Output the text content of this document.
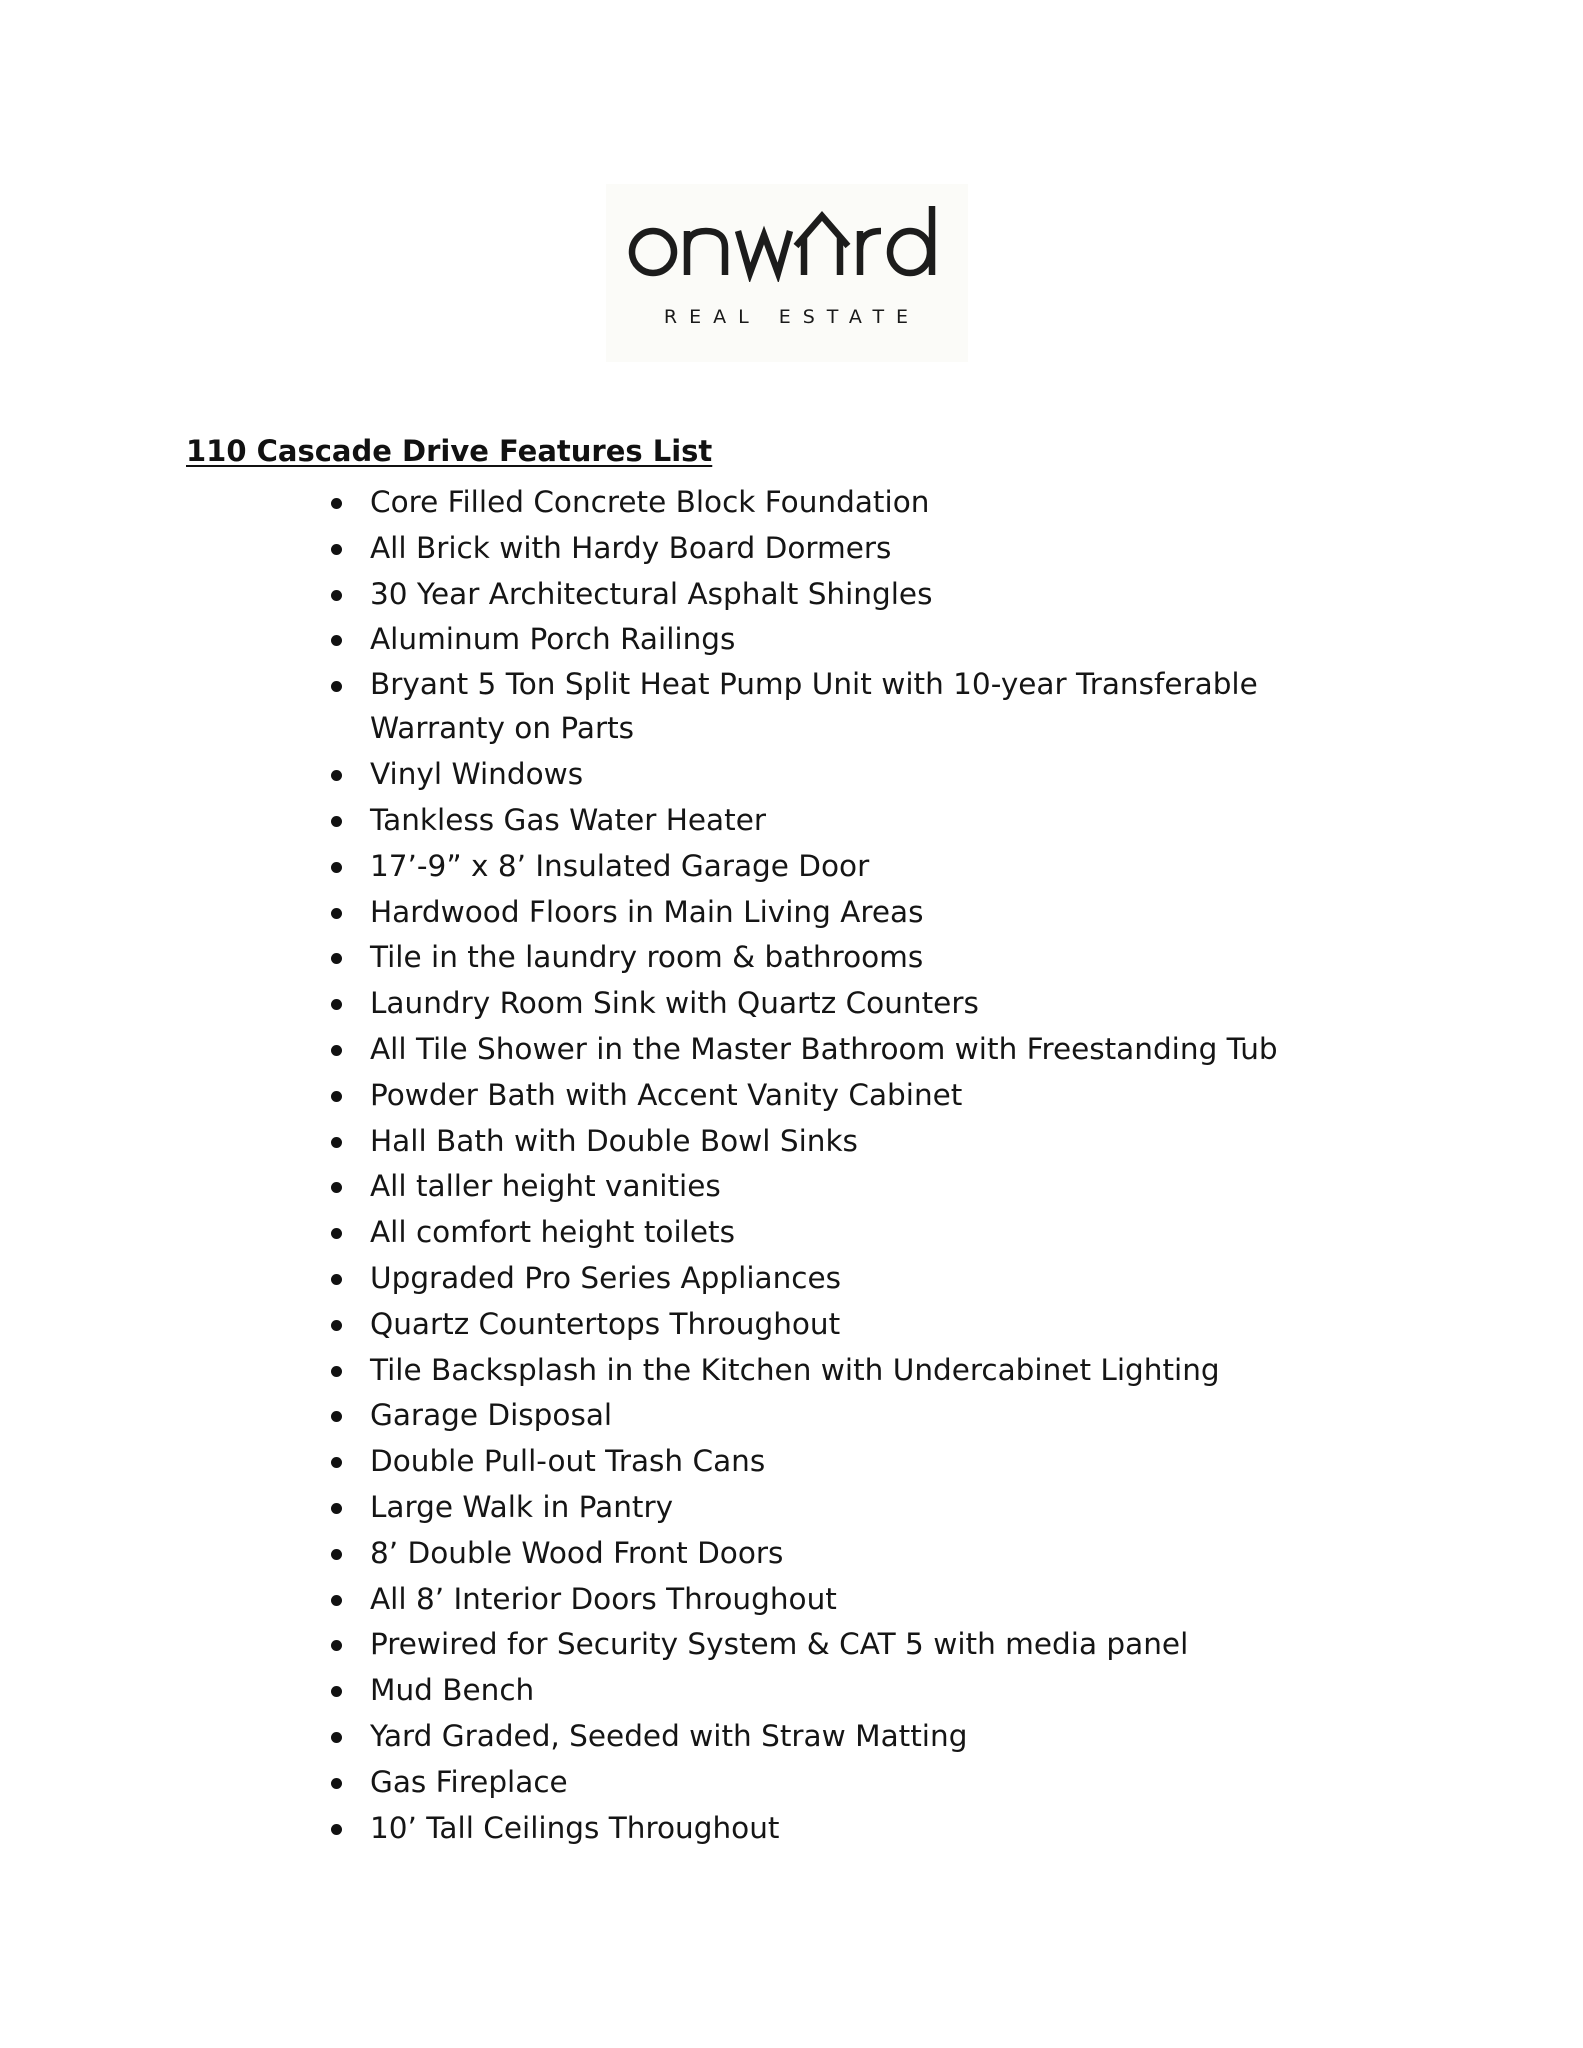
REAL ESTATE
110 Cascade Drive Features List
Core Filled Concrete Block Foundation
All Brick with Hardy Board Dormers
30 Year Architectural Asphalt Shingles
Aluminum Porch Railings
Bryant 5 Ton Split Heat Pump Unit with 10-year Transferable Warranty on Parts
Vinyl Windows
Tankless Gas Water Heater
17’-9” x 8’ Insulated Garage Door
Hardwood Floors in Main Living Areas
Tile in the laundry room & bathrooms
Laundry Room Sink with Quartz Counters
All Tile Shower in the Master Bathroom with Freestanding Tub
Powder Bath with Accent Vanity Cabinet
Hall Bath with Double Bowl Sinks
All taller height vanities
All comfort height toilets
Upgraded Pro Series Appliances
Quartz Countertops Throughout
Tile Backsplash in the Kitchen with Undercabinet Lighting
Garage Disposal
Double Pull-out Trash Cans
Large Walk in Pantry
8’ Double Wood Front Doors
All 8’ Interior Doors Throughout
Prewired for Security System & CAT 5 with media panel
Mud Bench
Yard Graded, Seeded with Straw Matting
Gas Fireplace
10’ Tall Ceilings Throughout
